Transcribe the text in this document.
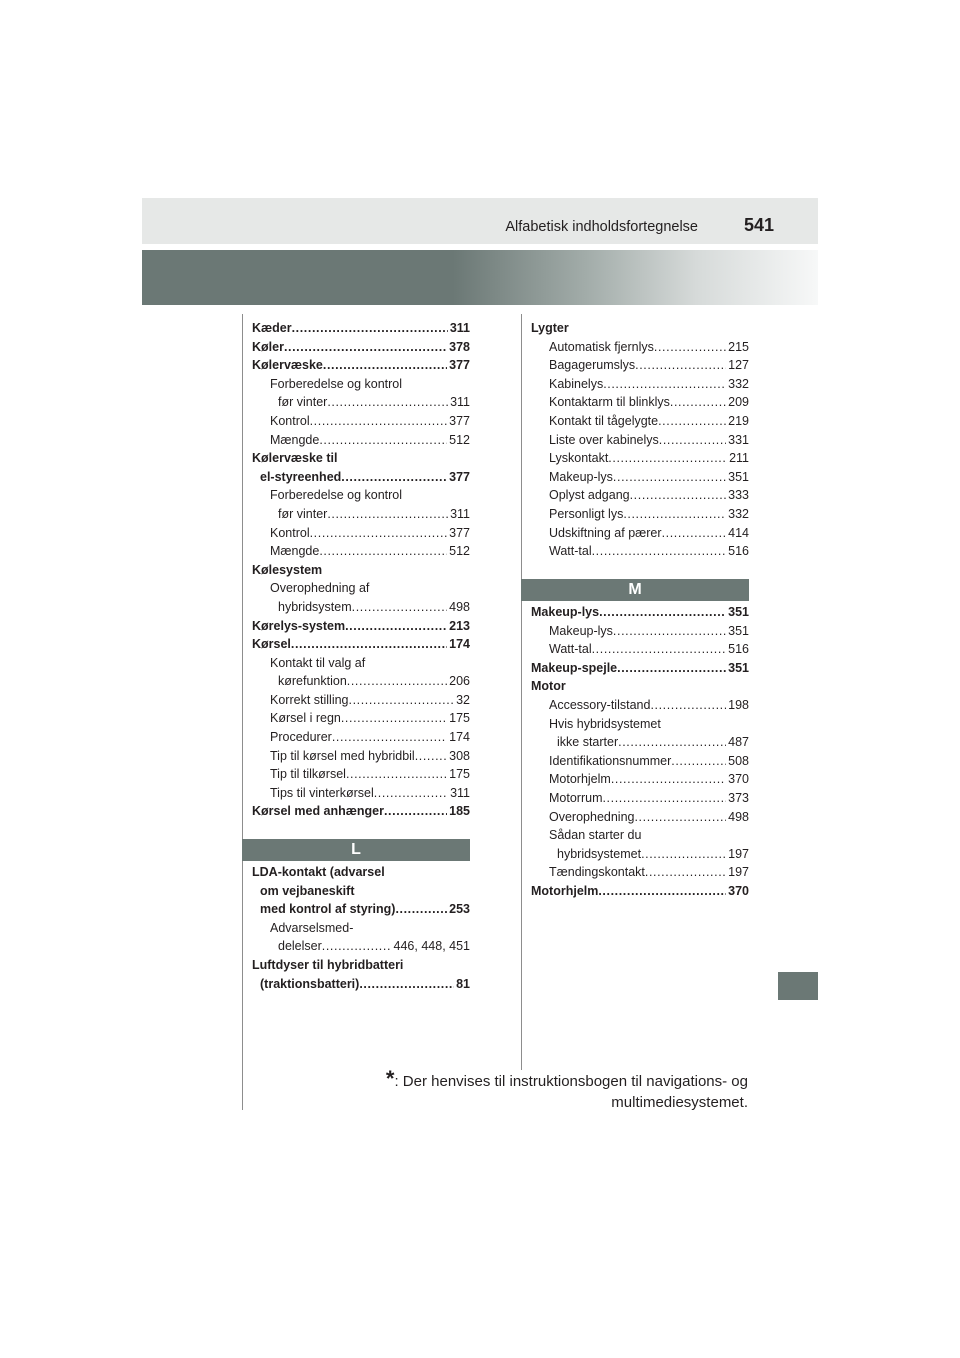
Alfabetisk indholdsfortegnelse	541
Kæder .....	311
Køler .....	378
Kølervæske .....	377
Forberedelse og kontrol
før vinter .....	311
Kontrol .....	377
Mængde .....	512
Kølervæske til
el-styreenhed .....	377
Forberedelse og kontrol
før vinter .....	311
Kontrol .....	377
Mængde .....	512
Kølesystem
Overophedning af
hybridsystem .....	498
Kørelys-system .....	213
Kørsel .....	174
Kontakt til valg af
kørefunktion .....	206
Korrekt stilling .....	32
Kørsel i regn .....	175
Procedurer .....	174
Tip til kørsel med hybridbil .....	308
Tip til tilkørsel .....	175
Tips til vinterkørsel .....	311
Kørsel med anhænger .....	185
L
LDA-kontakt (advarsel
om vejbaneskift
med kontrol af styring) .....	253
Advarselsmed-
delelser .....	446, 448, 451
Luftdyser til hybridbatteri
(traktionsbatteri) .....	81
Lygter
Automatisk fjernlys .....	215
Bagagerumslys .....	127
Kabinelys .....	332
Kontaktarm til blinklys .....	209
Kontakt til tågelygte .....	219
Liste over kabinelys .....	331
Lyskontakt .....	211
Makeup-lys .....	351
Oplyst adgang .....	333
Personligt lys .....	332
Udskiftning af pærer .....	414
Watt-tal .....	516
M
Makeup-lys .....	351
Makeup-lys .....	351
Watt-tal .....	516
Makeup-spejle .....	351
Motor
Accessory-tilstand .....	198
Hvis hybridsystemet
ikke starter .....	487
Identifikationsnummer .....	508
Motorhjelm .....	370
Motorrum .....	373
Overophedning .....	498
Sådan starter du
hybridsystemet .....	197
Tændingskontakt .....	197
Motorhjelm .....	370
*: Der henvises til instruktionsbogen til navigations- og
multimediesystemet.
